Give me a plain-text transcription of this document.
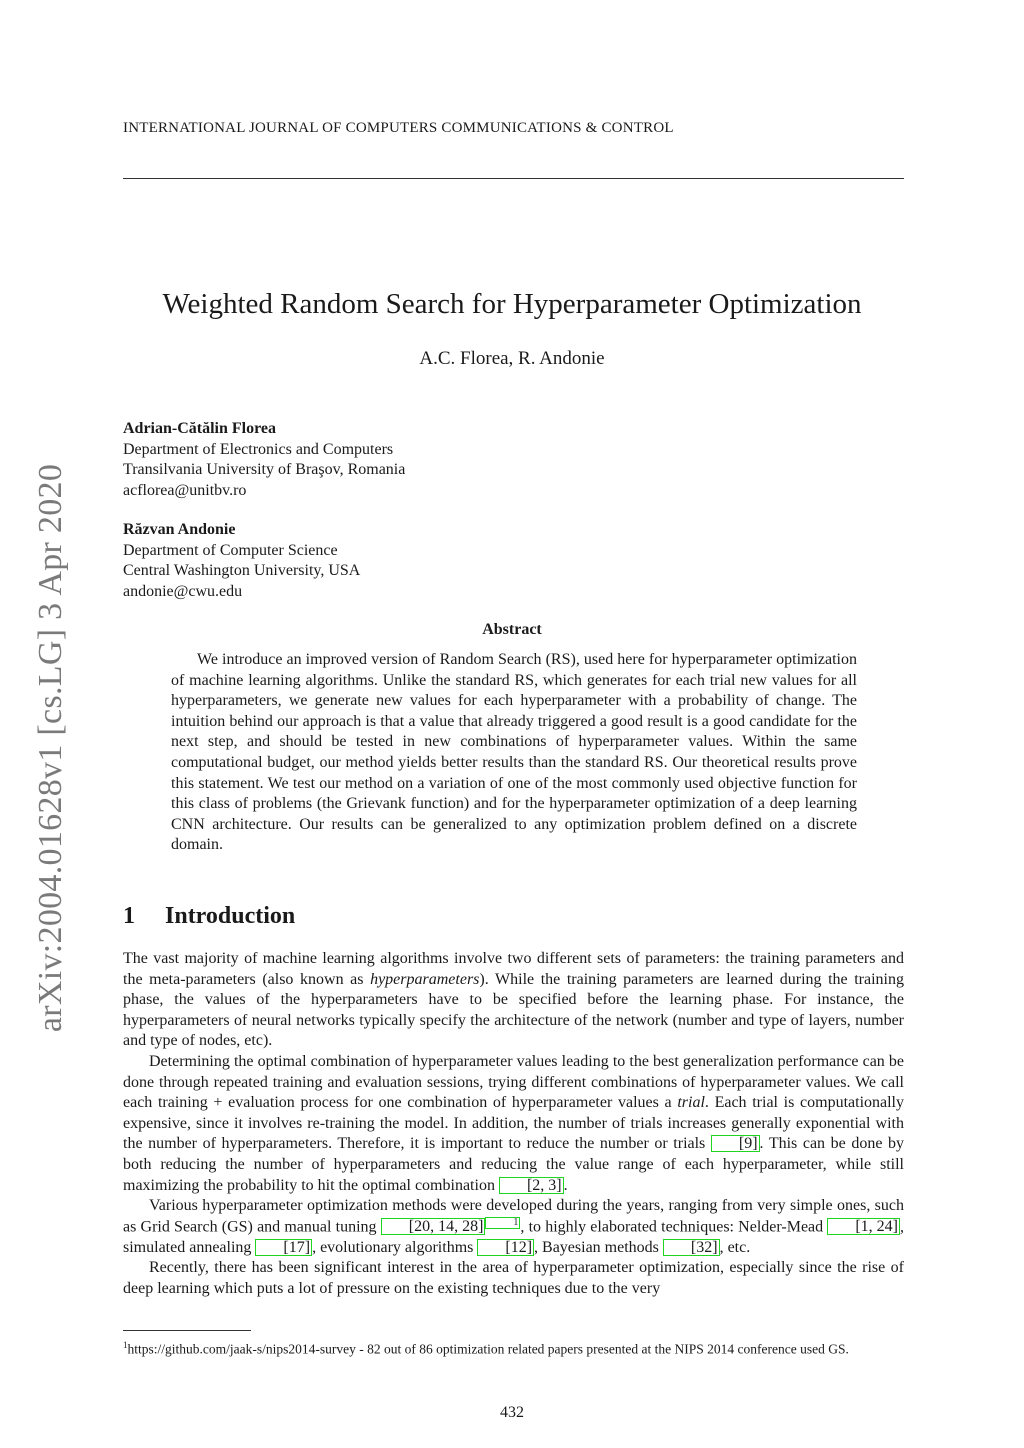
INTERNATIONAL JOURNAL OF COMPUTERS COMMUNICATIONS & CONTROL
Weighted Random Search for Hyperparameter Optimization
A.C. Florea, R. Andonie
Adrian-Cătălin Florea
Department of Electronics and Computers
Transilvania University of Braşov, Romania
acflorea@unitbv.ro
Răzvan Andonie
Department of Computer Science
Central Washington University, USA
andonie@cwu.edu
Abstract

We introduce an improved version of Random Search (RS), used here for hyperparameter optimization of machine learning algorithms. Unlike the standard RS, which generates for each trial new values for all hyperparameters, we generate new values for each hyperparameter with a probability of change. The intuition behind our approach is that a value that already triggered a good result is a good candidate for the next step, and should be tested in new combinations of hyperparameter values. Within the same computational budget, our method yields better results than the standard RS. Our theoretical results prove this statement. We test our method on a variation of one of the most commonly used objective function for this class of problems (the Grievank function) and for the hyperparameter optimization of a deep learning CNN architecture. Our results can be generalized to any optimization problem defined on a discrete domain.

1 Introduction

The vast majority of machine learning algorithms involve two different sets of parameters: the training parameters and the meta-parameters (also known as hyperparameters). While the training parameters are learned during the training phase, the values of the hyperparameters have to be specified before the learning phase. For instance, the hyperparameters of neural networks typically specify the architecture of the network (number and type of layers, number and type of nodes, etc).

Determining the optimal combination of hyperparameter values leading to the best generalization performance can be done through repeated training and evaluation sessions, trying different combinations of hyperparameter values. We call each training + evaluation process for one combination of hyperparameter values a trial. Each trial is computationally expensive, since it involves re-training the model. In addition, the number of trials increases generally exponential with the number of hyperparameters. Therefore, it is important to reduce the number or trials [9] . This can be done by both reducing the number of hyperparameters and reducing the value range of each hyperparameter, while still maximizing the probability to hit the optimal combination [2, 3] .

Various hyperparameter optimization methods were developed during the years, ranging from very simple ones, such as Grid Search (GS) and manual tuning [20, 14, 28]	1 , to highly elaborated techniques: Nelder-Mead [1, 24] , simulated annealing [17] , evolutionary algorithms [12] , Bayesian methods [32] , etc.

Recently, there has been significant interest in the area of hyperparameter optimization, especially since the rise of deep learning which puts a lot of pressure on the existing techniques due to the very

$^1$https://github.com/jaak-s/nips2014-survey - 82 out of 86 optimization related papers presented at the NIPS 2014 conference used GS.
432
arXiv:2004.01628v1 [cs.LG] 3 Apr 2020
